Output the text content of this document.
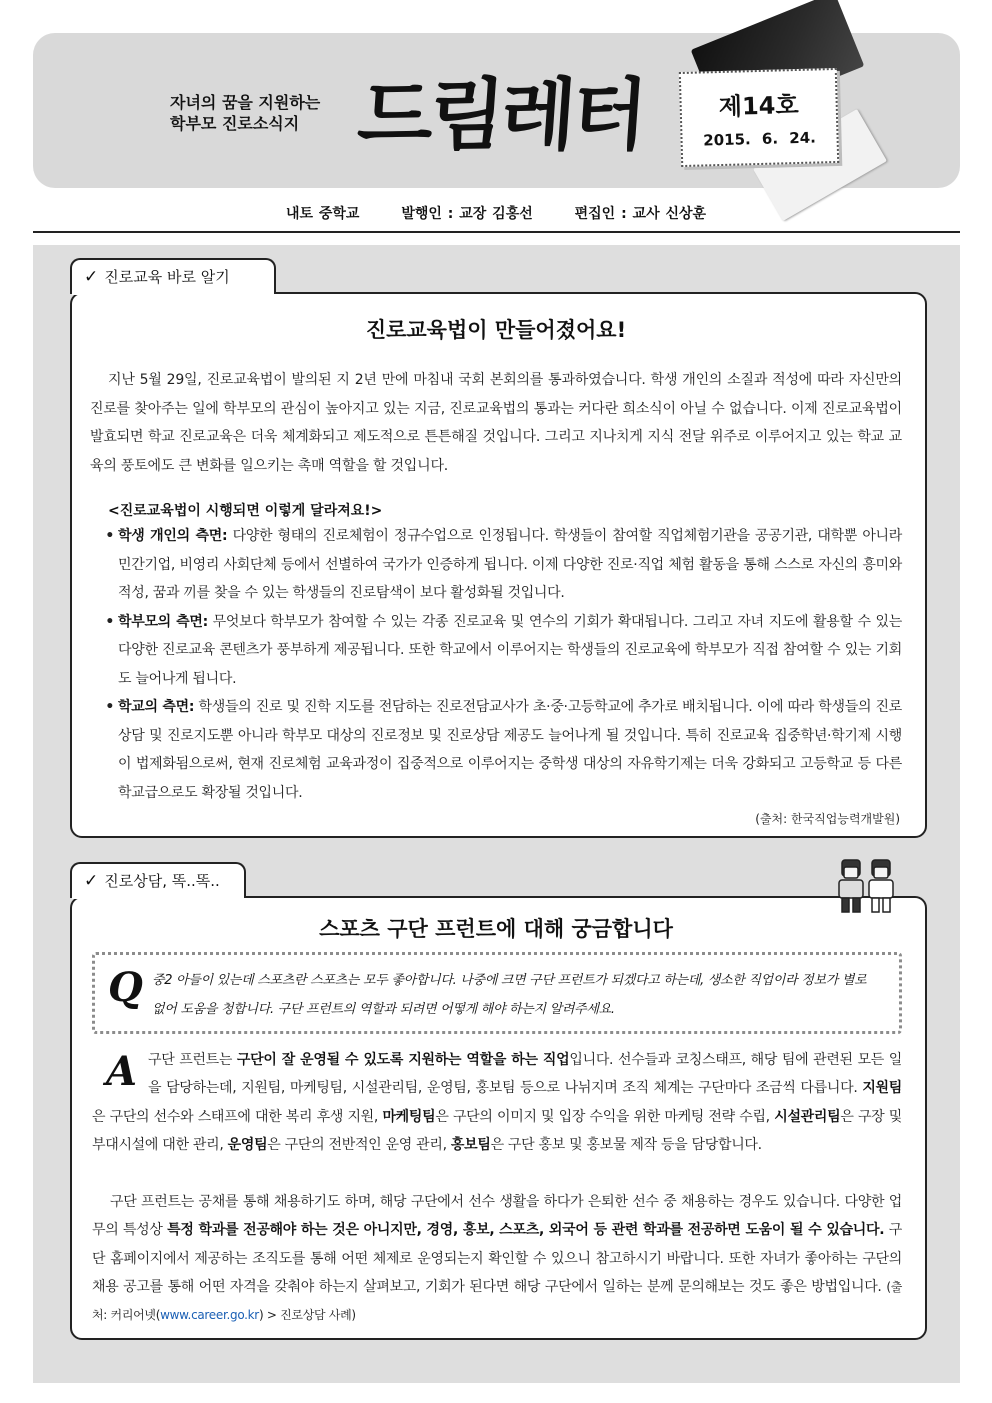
자녀의 꿈을 지원하는
학부모 진로소식지 드림레터	제14호
2015. 6. 24.
내토 중학교	발행인 : 교장 김홍선	편집인 : 교사 신상훈
✓ 진로교육 바로 알기
진로교육법이 만들어졌어요!
지난 5월 29일, 진로교육법이 발의된 지 2년 만에 마침내 국회 본회의를 통과하였습니다. 학생 개인의 소질과 적성에 따라 자신만의 진로를 찾아주는 일에 학부모의 관심이 높아지고 있는 지금, 진로교육법의 통과는 커다란 희소식이 아닐 수 없습니다. 이제 진로교육법이 발효되면 학교 진로교육은 더욱 체계화되고 제도적으로 튼튼해질 것입니다. 그리고 지나치게 지식 전달 위주로 이루어지고 있는 학교 교육의 풍토에도 큰 변화를 일으키는 촉매 역할을 할 것입니다.
<진로교육법이 시행되면 이렇게 달라져요!>
• 학생 개인의 측면: 다양한 형태의 진로체험이 정규수업으로 인정됩니다. 학생들이 참여할 직업체험기관을 공공기관, 대학뿐 아니라 민간기업, 비영리 사회단체 등에서 선별하여 국가가 인증하게 됩니다. 이제 다양한 진로·직업 체험 활동을 통해 스스로 자신의 흥미와 적성, 꿈과 끼를 찾을 수 있는 학생들의 진로탐색이 보다 활성화될 것입니다.
• 학부모의 측면: 무엇보다 학부모가 참여할 수 있는 각종 진로교육 및 연수의 기회가 확대됩니다. 그리고 자녀 지도에 활용할 수 있는 다양한 진로교육 콘텐츠가 풍부하게 제공됩니다. 또한 학교에서 이루어지는 학생들의 진로교육에 학부모가 직접 참여할 수 있는 기회도 늘어나게 됩니다.
• 학교의 측면: 학생들의 진로 및 진학 지도를 전담하는 진로전담교사가 초·중·고등학교에 추가로 배치됩니다. 이에 따라 학생들의 진로상담 및 진로지도뿐 아니라 학부모 대상의 진로정보 및 진로상담 제공도 늘어나게 될 것입니다. 특히 진로교육 집중학년·학기제 시행이 법제화됨으로써, 현재 진로체험 교육과정이 집중적으로 이루어지는 중학생 대상의 자유학기제는 더욱 강화되고 고등학교 등 다른 학교급으로도 확장될 것입니다.
(출처: 한국직업능력개발원)
✓ 진로상담, 똑..똑..
스포츠 구단 프런트에 대해 궁금합니다
Q 중2 아들이 있는데 스포츠란 스포츠는 모두 좋아합니다. 나중에 크면 구단 프런트가 되겠다고 하는데, 생소한 직업이라 정보가 별로 없어 도움을 청합니다. 구단 프런트의 역할과 되려면 어떻게 해야 하는지 알려주세요.
A 구단 프런트는 구단이 잘 운영될 수 있도록 지원하는 역할을 하는 직업입니다. 선수들과 코칭스태프, 해당 팀에 관련된 모든 일을 담당하는데, 지원팀, 마케팅팀, 시설관리팀, 운영팀, 홍보팀 등으로 나뉘지며 조직 체계는 구단마다 조금씩 다릅니다. 지원팀은 구단의 선수와 스태프에 대한 복리 후생 지원, 마케팅팀은 구단의 이미지 및 입장 수익을 위한 마케팅 전략 수립, 시설관리팀은 구장 및 부대시설에 대한 관리, 운영팀은 구단의 전반적인 운영 관리, 홍보팀은 구단 홍보 및 홍보물 제작 등을 담당합니다.
구단 프런트는 공채를 통해 채용하기도 하며, 해당 구단에서 선수 생활을 하다가 은퇴한 선수 중 채용하는 경우도 있습니다. 다양한 업무의 특성상 특정 학과를 전공해야 하는 것은 아니지만, 경영, 홍보, 스포츠, 외국어 등 관련 학과를 전공하면 도움이 될 수 있습니다. 구단 홈페이지에서 제공하는 조직도를 통해 어떤 체제로 운영되는지 확인할 수 있으니 참고하시기 바랍니다. 또한 자녀가 좋아하는 구단의 채용 공고를 통해 어떤 자격을 갖춰야 하는지 살펴보고, 기회가 된다면 해당 구단에서 일하는 분께 문의해보는 것도 좋은 방법입니다. (출처: 커리어넷(www.career.go.kr) > 진로상담 사례)
